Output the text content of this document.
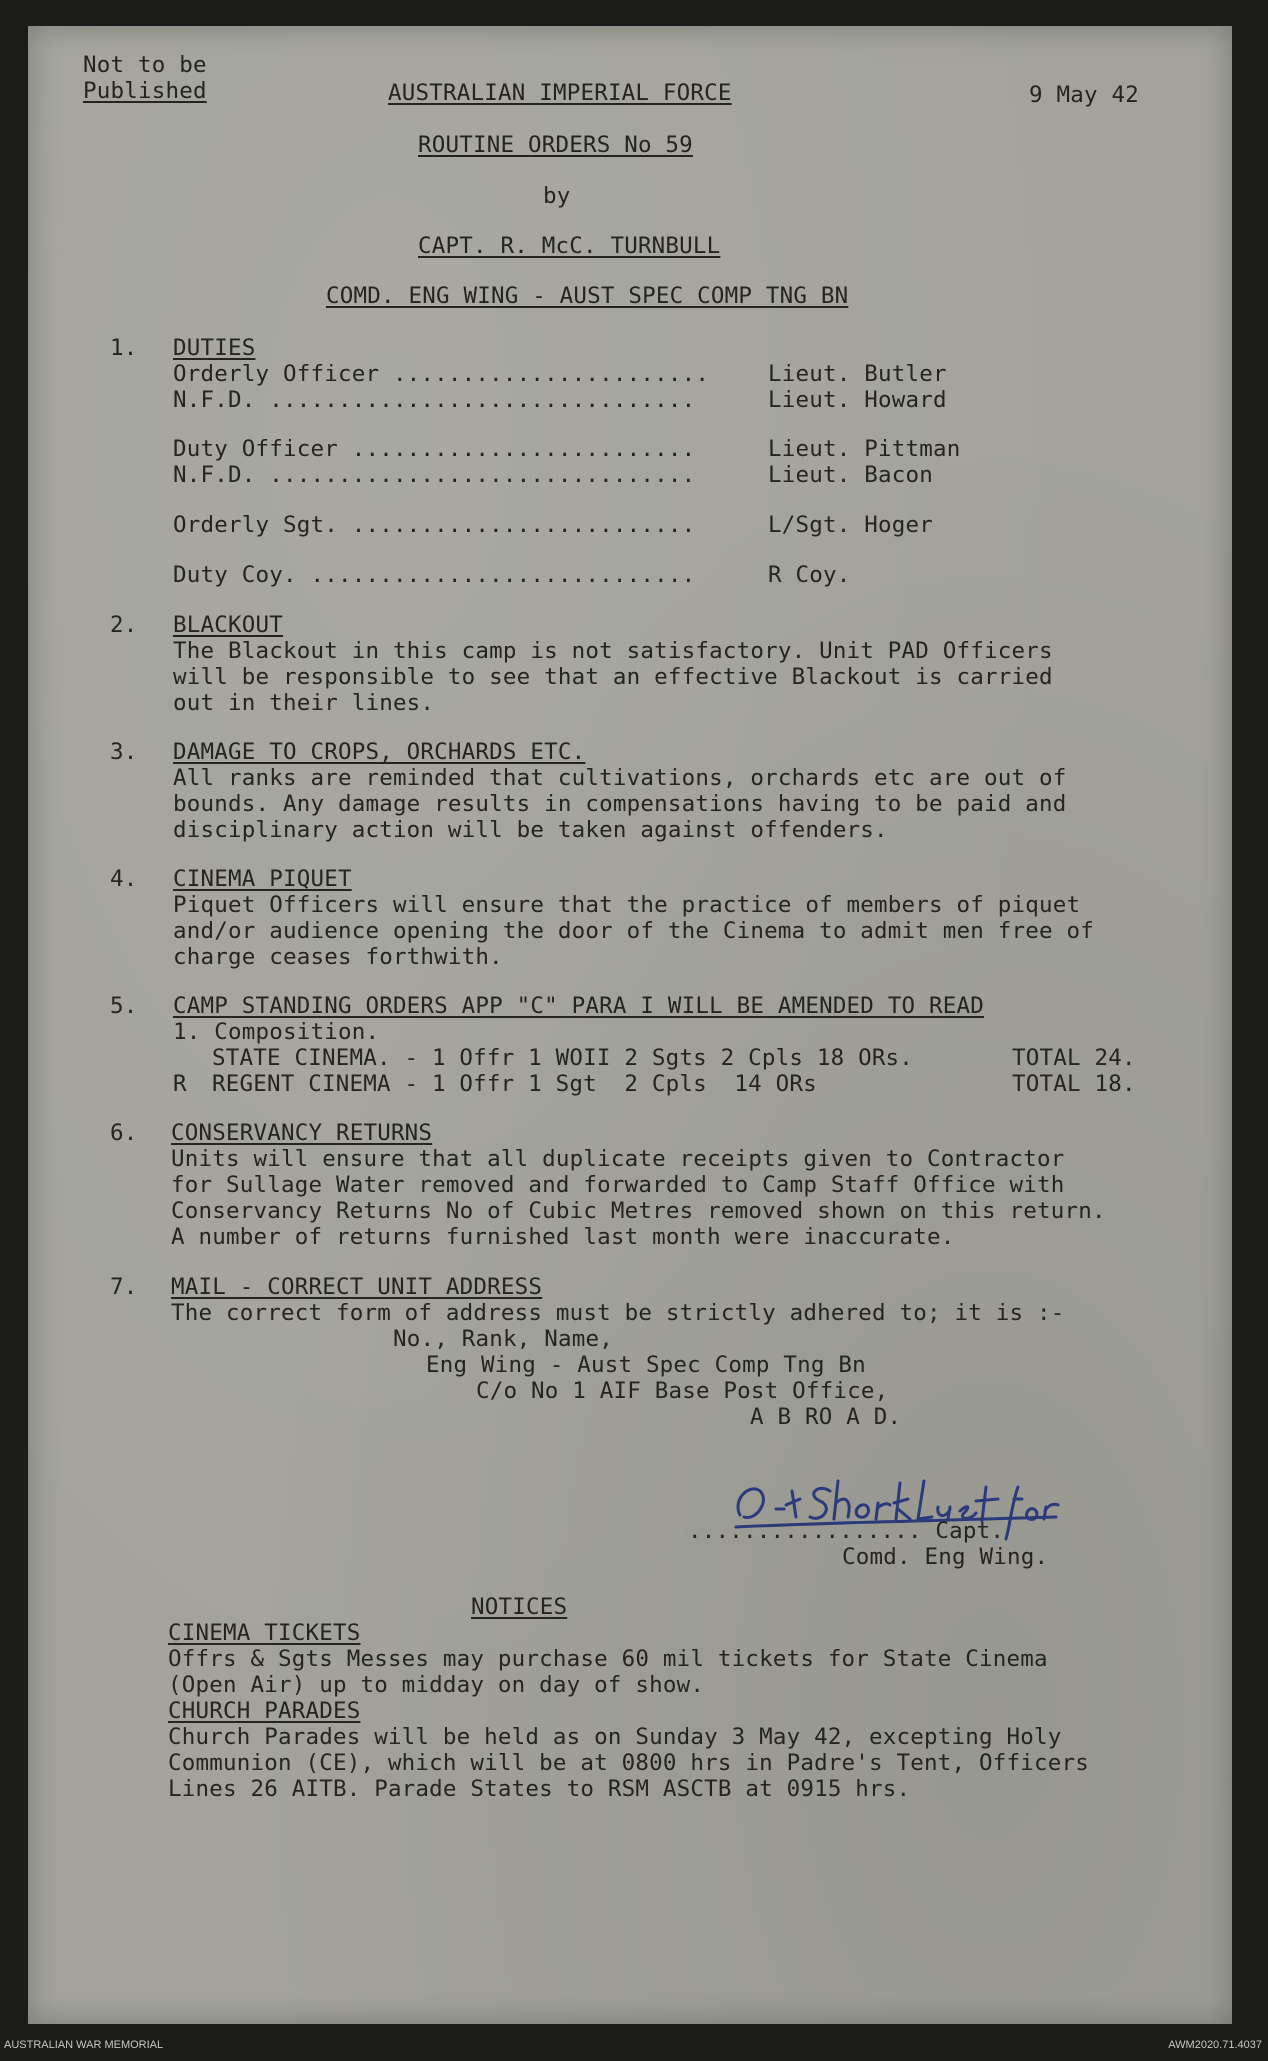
Not to be
Published	AUSTRALIAN IMPERIAL FORCE	9 May 42
ROUTINE ORDERS No 59
by
CAPT. R. McC. TURNBULL
COMD. ENG WING - AUST SPEC COMP TNG BN
1. DUTIES
Orderly Officer .......................	Lieut. Butler
N.F.D. ...............................	Lieut. Howard
Duty Officer .........................	Lieut. Pittman
N.F.D. ...............................	Lieut. Bacon
Orderly Sgt. .........................	L/Sgt. Hoger
Duty Coy. ............................	R Coy.
2. BLACKOUT
The Blackout in this camp is not satisfactory. Unit PAD Officers
will be responsible to see that an effective Blackout is carried
out in their lines.
3. DAMAGE TO CROPS, ORCHARDS ETC.
All ranks are reminded that cultivations, orchards etc are out of
bounds. Any damage results in compensations having to be paid and
disciplinary action will be taken against offenders.
4. CINEMA PIQUET
Piquet Officers will ensure that the practice of members of piquet
and/or audience opening the door of the Cinema to admit men free of
charge ceases forthwith.
5. CAMP STANDING ORDERS APP "C" PARA I WILL BE AMENDED TO READ
1. Composition.
STATE CINEMA. - 1 Offr 1 WOII 2 Sgts 2 Cpls 18 ORs.	TOTAL 24.
R REGENT CINEMA - 1 Offr 1 Sgt  2 Cpls  14 ORs	TOTAL 18.
6. CONSERVANCY RETURNS
Units will ensure that all duplicate receipts given to Contractor
for Sullage Water removed and forwarded to Camp Staff Office with
Conservancy Returns No of Cubic Metres removed shown on this return.
A number of returns furnished last month were inaccurate.
7. MAIL - CORRECT UNIT ADDRESS
The correct form of address must be strictly adhered to; it is :-
No., Rank, Name,
Eng Wing - Aust Spec Comp Tng Bn
C/o No 1 AIF Base Post Office,
A B RO A D.
................. Capt.
Comd. Eng Wing.
NOTICES
CINEMA TICKETS
Offrs & Sgts Messes may purchase 60 mil tickets for State Cinema
(Open Air) up to midday on day of show.
CHURCH PARADES
Church Parades will be held as on Sunday 3 May 42, excepting Holy
Communion (CE), which will be at 0800 hrs in Padre's Tent, Officers
Lines 26 AITB. Parade States to RSM ASCTB at 0915 hrs.
AUSTRALIAN WAR MEMORIAL	AWM2020.71.4037
